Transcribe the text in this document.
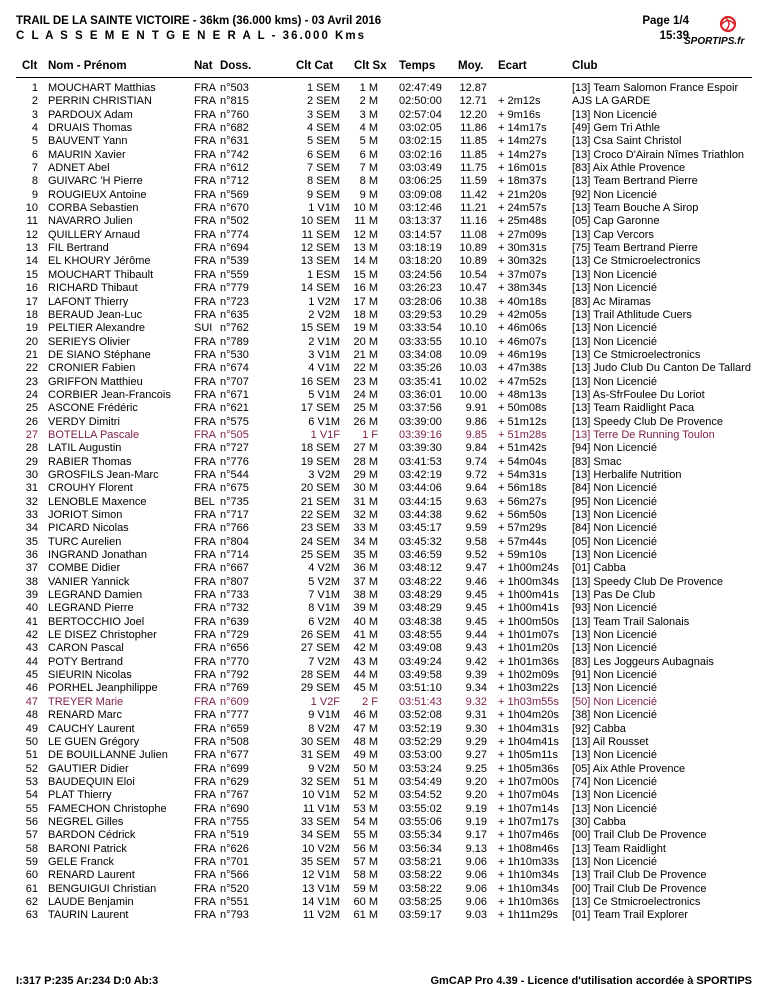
TRAIL DE LA SAINTE VICTOIRE - 36km (36.000 kms) - 03 Avril 2016
C L A S S E M E N T G E N E R A L - 36.000 Kms
Page 1/4
15:39
SPORTIPS.fr
Clt Nom - Prénom	Nat Doss.	Clt Cat Clt Sx Temps Moy. Ecart	Club
1 MOUCHART Matthias	FRA n°503	1 SEM	1 M 02:47:49	12.87	[13] Team Salomon France Espoir
2 PERRIN CHRISTIAN	FRA n°815	2 SEM	2 M 02:50:00	12.71 + 2m12s	AJS LA GARDE
3 PARDOUX Adam	FRA n°760	3 SEM	3 M 02:57:04	12.20 + 9m16s	[13] Non Licencié
4 DRUAIS Thomas	FRA n°682	4 SEM	4 M 03:02:05	11.86 + 14m17s [49] Gem Tri Athle
5 BAUVENT Yann	FRA n°631	5 SEM	5 M 03:02:15	11.85 + 14m27s [13] Csa Saint Christol
6 MAURIN Xavier	FRA n°742	6 SEM	6 M 03:02:16	11.85 + 14m27s [13] Croco D'Airain Nîmes Triathlon
7 ADNET Abel	FRA n°612	7 SEM	7 M 03:03:49	11.75 + 16m01s [83] Aix Athle Provence
8 GUIVARC 'H Pierre	FRA n°712	8 SEM	8 M 03:06:25	11.59 + 18m37s [13] Team Bertrand Pierre
9 ROUGIEUX Antoine	FRA n°569	9 SEM	9 M 03:09:08	11.42 + 21m20s [92] Non Licencié
10 CORBA Sebastien	FRA n°670	1 V1M	10 M 03:12:46	11.21 + 24m57s [13] Team Bouche A Sirop
11 NAVARRO Julien	FRA n°502	10 SEM	11 M 03:13:37	11.16 + 25m48s [05] Cap Garonne
12 QUILLERY Arnaud	FRA n°774	11 SEM	12 M 03:14:57	11.08 + 27m09s [13] Cap Vercors
13 FIL Bertrand	FRA n°694	12 SEM	13 M 03:18:19	10.89 + 30m31s [75] Team Bertrand Pierre
14 EL KHOURY Jérôme	FRA n°539	13 SEM	14 M 03:18:20	10.89 + 30m32s [13] Ce Stmicroelectronics
15 MOUCHART Thibault	FRA n°559	1 ESM	15 M 03:24:56	10.54 + 37m07s [13] Non Licencié
16 RICHARD Thibaut	FRA n°779	14 SEM	16 M 03:26:23	10.47 + 38m34s [13] Non Licencié
17 LAFONT Thierry	FRA n°723	1 V2M	17 M 03:28:06	10.38 + 40m18s [83] Ac Miramas
18 BERAUD Jean-Luc	FRA n°635	2 V2M	18 M 03:29:53	10.29 + 42m05s [13] Trail Athlitude Cuers
19 PELTIER Alexandre	SUI n°762	15 SEM	19 M 03:33:54	10.10 + 46m06s [13] Non Licencié
20 SERIEYS Olivier	FRA n°789	2 V1M	20 M 03:33:55	10.10 + 46m07s [13] Non Licencié
21 DE SIANO Stéphane	FRA n°530	3 V1M	21 M 03:34:08	10.09 + 46m19s [13] Ce Stmicroelectronics
22 CRONIER Fabien	FRA n°674	4 V1M	22 M 03:35:26	10.03 + 47m38s [13] Judo Club Du Canton De Tallard
23 GRIFFON Matthieu	FRA n°707	16 SEM	23 M 03:35:41	10.02 + 47m52s [13] Non Licencié
24 CORBIER Jean-Francois FRA n°671	5 V1M	24 M 03:36:01	10.00 + 48m13s [13] As-SfrFoulee Du Loriot
25 ASCONE Frédéric	FRA n°621	17 SEM	25 M 03:37:56	9.91 + 50m08s [13] Team Raidlight Paca
26 VERDY Dimitri	FRA n°575	6 V1M	26 M 03:39:00	9.86 + 51m12s [13] Speedy Club De Provence
27 BOTELLA Pascale	FRA n°505	1 V1F	1 F 03:39:16	9.85 + 51m28s [13] Terre De Running Toulon
28 LATIL Augustin	FRA n°727	18 SEM	27 M 03:39:30	9.84 + 51m42s [94] Non Licencié
29 RABIER Thomas	FRA n°776	19 SEM	28 M 03:41:53	9.74 + 54m04s [83] Smac
30 GROSFILS Jean-Marc	FRA n°544	3 V2M	29 M 03:42:19	9.72 + 54m31s [13] Herbalife Nutrition
31 CROUHY Florent	FRA n°675	20 SEM	30 M 03:44:06	9.64 + 56m18s [84] Non Licencié
32 LENOBLE Maxence	BEL n°735	21 SEM	31 M 03:44:15	9.63 + 56m27s [95] Non Licencié
33 JORIOT Simon	FRA n°717	22 SEM	32 M 03:44:38	9.62 + 56m50s [13] Non Licencié
34 PICARD Nicolas	FRA n°766	23 SEM	33 M 03:45:17	9.59 + 57m29s [84] Non Licencié
35 TURC Aurelien	FRA n°804	24 SEM	34 M 03:45:32	9.58 + 57m44s [05] Non Licencié
36 INGRAND Jonathan	FRA n°714	25 SEM	35 M 03:46:59	9.52 + 59m10s [13] Non Licencié
37 COMBE Didier	FRA n°667	4 V2M	36 M 03:48:12	9.47 + 1h00m24s [01] Cabba
38 VANIER Yannick	FRA n°807	5 V2M	37 M 03:48:22	9.46 + 1h00m34s [13] Speedy Club De Provence
39 LEGRAND Damien	FRA n°733	7 V1M	38 M 03:48:29	9.45 + 1h00m41s [13] Pas De Club
40 LEGRAND Pierre	FRA n°732	8 V1M	39 M 03:48:29	9.45 + 1h00m41s [93] Non Licencié
41 BERTOCCHIO Joel	FRA n°639	6 V2M	40 M 03:48:38	9.45 + 1h00m50s [13] Team Trail Salonais
42 LE DISEZ Christopher	FRA n°729	26 SEM	41 M 03:48:55	9.44 + 1h01m07s [13] Non Licencié
43 CARON Pascal	FRA n°656	27 SEM	42 M 03:49:08	9.43 + 1h01m20s [13] Non Licencié
44 POTY Bertrand	FRA n°770	7 V2M	43 M 03:49:24	9.42 + 1h01m36s [83] Les Joggeurs Aubagnais
45 SIEURIN Nicolas	FRA n°792	28 SEM	44 M 03:49:58	9.39 + 1h02m09s [91] Non Licencié
46 PORHEL Jeanphilippe	FRA n°769	29 SEM	45 M 03:51:10	9.34 + 1h03m22s [13] Non Licencié
47 TREYER Marie	FRA n°609	1 V2F	2 F 03:51:43	9.32 + 1h03m55s [50] Non Licencié
48 RENARD Marc	FRA n°777	9 V1M	46 M 03:52:08	9.31 + 1h04m20s [38] Non Licencié
49 CAUCHY Laurent	FRA n°659	8 V2M	47 M 03:52:19	9.30 + 1h04m31s [92] Cabba
50 LE GUEN Grégory	FRA n°508	30 SEM	48 M 03:52:29	9.29 + 1h04m41s [13] Ail Rousset
51 DE BOUILLANNE Julien FRA n°677	31 SEM	49 M 03:53:00	9.27 + 1h05m11s [13] Non Licencié
52 GAUTIER Didier	FRA n°699	9 V2M	50 M 03:53:24	9.25 + 1h05m36s [05] Aix Athle Provence
53 BAUDEQUIN Eloi	FRA n°629	32 SEM	51 M 03:54:49	9.20 + 1h07m00s [74] Non Licencié
54 PLAT Thierry	FRA n°767	10 V1M	52 M 03:54:52	9.20 + 1h07m04s [13] Non Licencié
55 FAMECHON Christophe FRA n°690	11 V1M	53 M 03:55:02	9.19 + 1h07m14s [13] Non Licencié
56 NEGREL Gilles	FRA n°755	33 SEM	54 M 03:55:06	9.19 + 1h07m17s [30] Cabba
57 BARDON Cédrick	FRA n°519	34 SEM	55 M 03:55:34	9.17 + 1h07m46s [00] Trail Club De Provence
58 BARONI Patrick	FRA n°626	10 V2M	56 M 03:56:34	9.13 + 1h08m46s [13] Team Raidlight
59 GELE Franck	FRA n°701	35 SEM	57 M 03:58:21	9.06 + 1h10m33s [13] Non Licencié
60 RENARD Laurent	FRA n°566	12 V1M	58 M 03:58:22	9.06 + 1h10m34s [13] Trail Club De Provence
61 BENGUIGUI Christian	FRA n°520	13 V1M	59 M 03:58:22	9.06 + 1h10m34s [00] Trail Club De Provence
62 LAUDE Benjamin	FRA n°551	14 V1M	60 M 03:58:25	9.06 + 1h10m36s [13] Ce Stmicroelectronics
63 TAURIN Laurent	FRA n°793	11 V2M	61 M 03:59:17	9.03 + 1h11m29s [01] Team Trail Explorer
I:317 P:235 Ar:234 D:0 Ab:3	GmCAP Pro 4.39 - Licence d'utilisation accordée à SPORTIPS
